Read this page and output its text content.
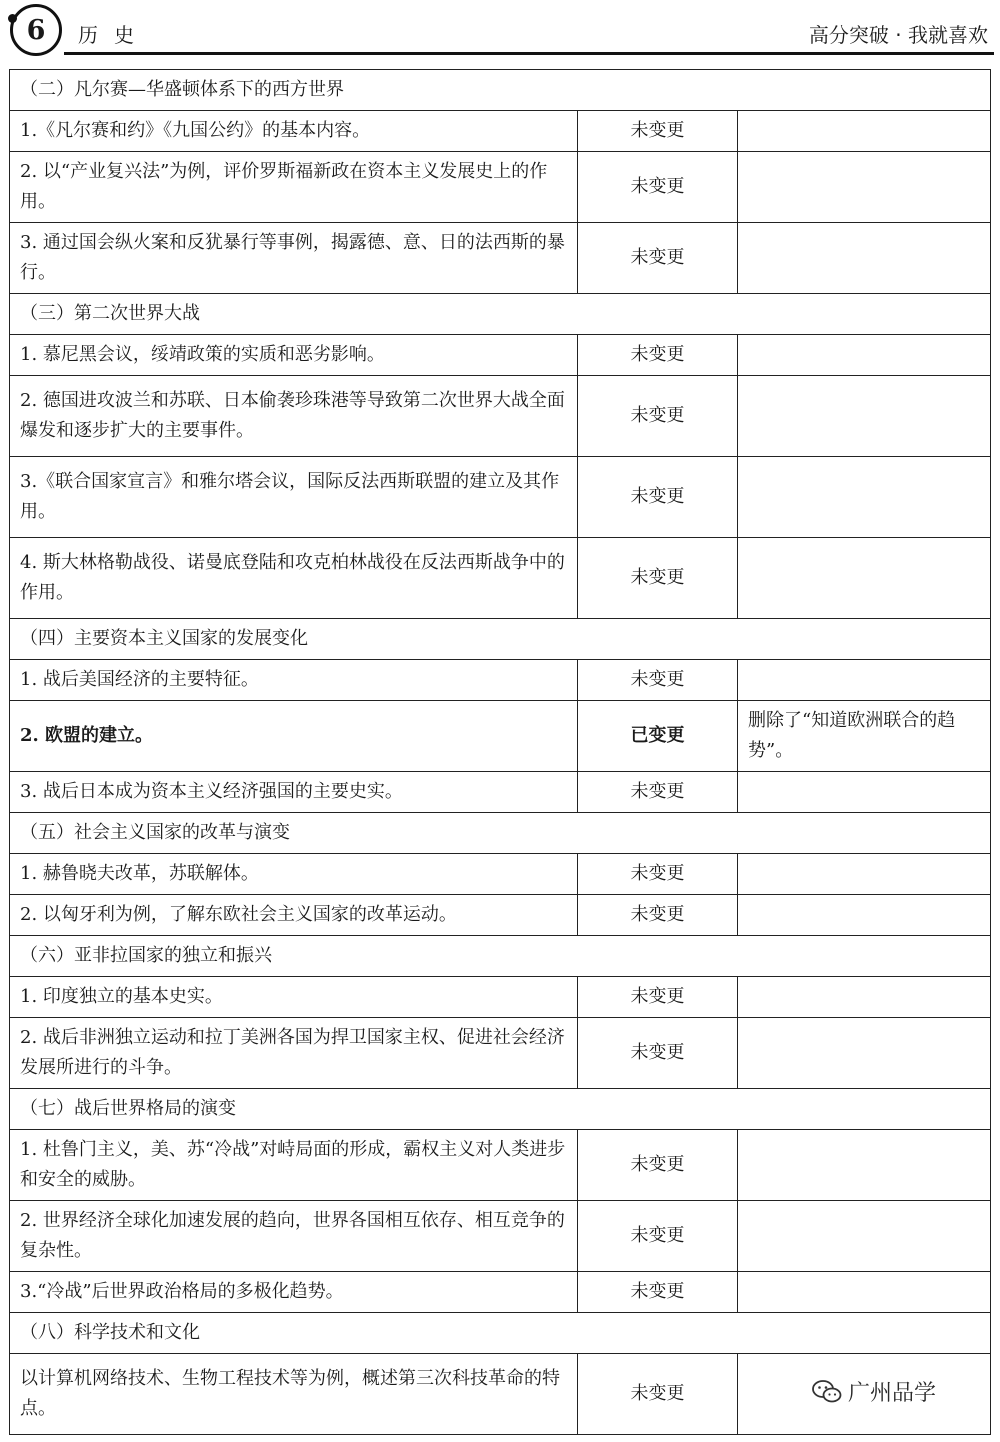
6 历史	高分突破 · 我就喜欢
（二）凡尔赛—华盛顿体系下的西方世界		
1.《凡尔赛和约》《九国公约》的基本内容。	未变更	
2. 以“产业复兴法”为例，评价罗斯福新政在资本主义发展史上的作用。	未变更	
3. 通过国会纵火案和反犹暴行等事例，揭露德、意、日的法西斯的暴行。	未变更	
（三）第二次世界大战		
1. 慕尼黑会议，绥靖政策的实质和恶劣影响。	未变更	
2. 德国进攻波兰和苏联、日本偷袭珍珠港等导致第二次世界大战全面爆发和逐步扩大的主要事件。	未变更	
3.《联合国家宣言》和雅尔塔会议，国际反法西斯联盟的建立及其作用。	未变更	
4. 斯大林格勒战役、诺曼底登陆和攻克柏林战役在反法西斯战争中的作用。	未变更	
（四）主要资本主义国家的发展变化		
1. 战后美国经济的主要特征。	未变更	
2. 欧盟的建立。	已变更	删除了“知道欧洲联合的趋势”。
3. 战后日本成为资本主义经济强国的主要史实。	未变更	
（五）社会主义国家的改革与演变		
1. 赫鲁晓夫改革，苏联解体。	未变更	
2. 以匈牙利为例，了解东欧社会主义国家的改革运动。	未变更	
（六）亚非拉国家的独立和振兴		
1. 印度独立的基本史实。	未变更	
2. 战后非洲独立运动和拉丁美洲各国为捍卫国家主权、促进社会经济发展所进行的斗争。	未变更	
（七）战后世界格局的演变		
1. 杜鲁门主义，美、苏“冷战”对峙局面的形成，霸权主义对人类进步和安全的威胁。	未变更	
2. 世界经济全球化加速发展的趋向，世界各国相互依存、相互竞争的复杂性。	未变更	
3.“冷战”后世界政治格局的多极化趋势。	未变更	
（八）科学技术和文化		
以计算机网络技术、生物工程技术等为例，概述第三次科技革命的特点。	未变更		广州品学
